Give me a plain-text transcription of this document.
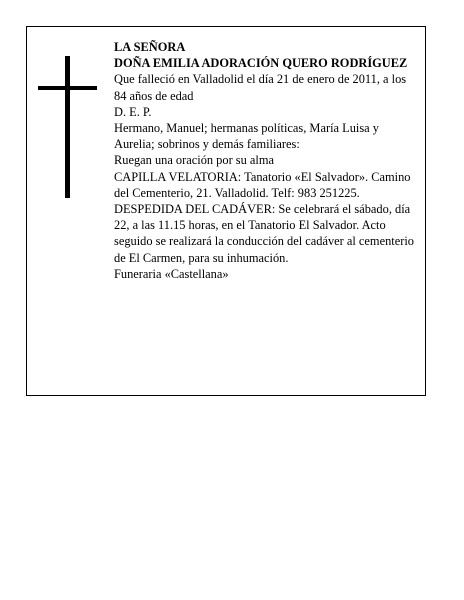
LA SEÑORA

DOÑA EMILIA ADORACIÓN QUERO RODRÍGUEZ

Que falleció en Valladolid el día 21 de enero de 2011, a los 84 años de edad

D. E. P.

Hermano, Manuel; hermanas políticas, María Luisa y Aurelia; sobrinos y demás familiares:

Ruegan una oración por su alma

CAPILLA VELATORIA: Tanatorio «El Salvador». Camino del Cementerio, 21. Valladolid. Telf: 983 251225.

DESPEDIDA DEL CADÁVER: Se celebrará el sábado, día 22, a las 11.15 horas, en el Tanatorio El Salvador. Acto seguido se realizará la conducción del cadáver al cementerio de El Carmen, para su inhumación.

Funeraria «Castellana»
